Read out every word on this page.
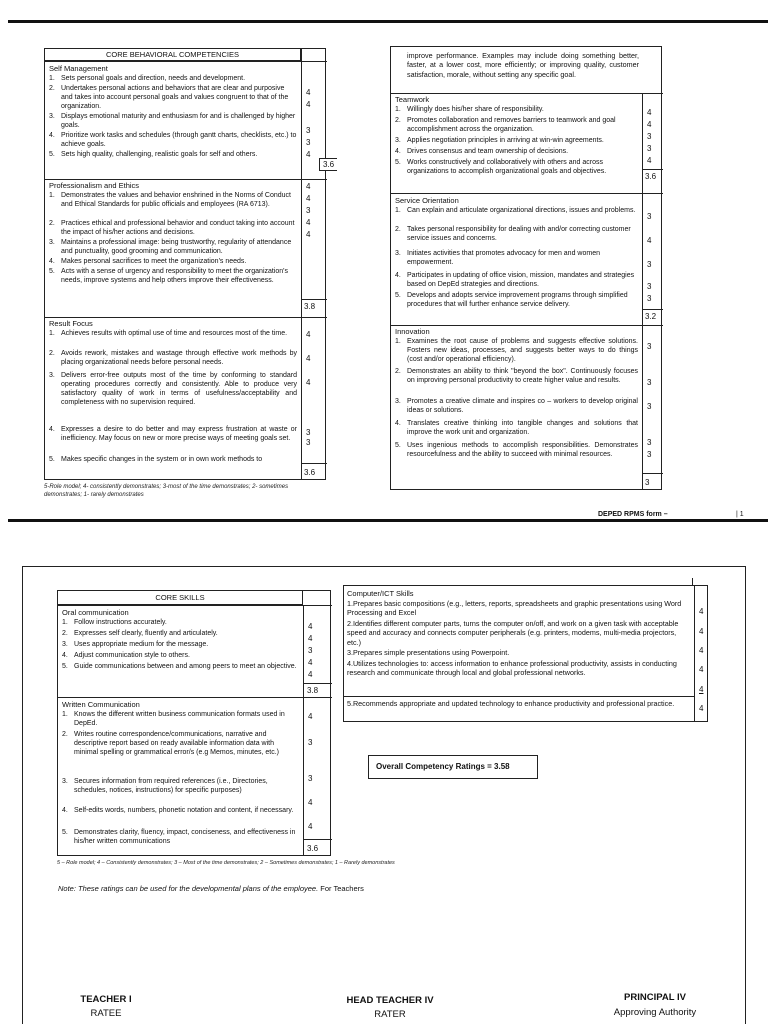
CORE BEHAVIORAL COMPETENCIES
Self Management
1. Sets personal goals and direction, needs and development.
2. Undertakes personal actions and behaviors that are clear and purposive and takes into account personal goals and values congruent to that of the organization.
3. Displays emotional maturity and enthusiasm for and is challenged by higher goals.
4. Prioritize work tasks and schedules (through gantt charts, checklists, etc.) to achieve goals.
5. Sets high quality, challenging, realistic goals for self and others.
4
4
3
3
4
3.6
Professionalism and Ethics
1. Demonstrates the values and behavior enshrined in the Norms of Conduct and Ethical Standards for public officials and employees (RA 6713).
2. Practices ethical and professional behavior and conduct taking into account the impact of his/her actions and decisions.
3. Maintains a professional image: being trustworthy, regularity of attendance and punctuality, good grooming and communication.
4. Makes personal sacrifices to meet the organization's needs.
5. Acts with a sense of urgency and responsibility to meet the organization's needs, improve systems and help others improve their effectiveness.
4
4
3
4
4
3.8
Result Focus
1. Achieves results with optimal use of time and resources most of the time.
2. Avoids rework, mistakes and wastage through effective work methods by placing organizational needs before personal needs.
3. Delivers error-free outputs most of the time by conforming to standard operating procedures correctly and consistently. Able to produce very satisfactory quality of work in terms of usefulness/acceptability and completeness with no supervision required.
4. Expresses a desire to do better and may express frustration at waste or inefficiency. May focus on new or more precise ways of meeting goals set.
5. Makes specific changes in the system or in own work methods to
4
4
4
3
3
3.6
5-Role model; 4- consistently demonstrates; 3-most of the time demonstrates; 2- sometimes demonstrates; 1- rarely demonstrates
improve performance. Examples may include doing something better, faster, at a lower cost, more efficiently; or improving quality, customer satisfaction, morale, without setting any specific goal.
Teamwork
1. Willingly does his/her share of responsibility.
2. Promotes collaboration and removes barriers to teamwork and goal accomplishment across the organization.
3. Applies negotiation principles in arriving at win-win agreements.
4. Drives consensus and team ownership of decisions.
5. Works constructively and collaboratively with others and across organizations to accomplish organizational goals and objectives.
4
4
3
3
4
3.6
Service Orientation
1. Can explain and articulate organizational directions, issues and problems.
2. Takes personal responsibility for dealing with and/or correcting customer service issues and concerns.
3. Initiates activities that promotes advocacy for men and women empowerment.
4. Participates in updating of office vision, mission, mandates and strategies based on DepEd strategies and directions.
5. Develops and adopts service improvement programs through simplified procedures that will further enhance service delivery.
3
4
3
3
3
3.2
Innovation
1. Examines the root cause of problems and suggests effective solutions. Fosters new ideas, processes, and suggests better ways to do things (cost and/or operational efficiency).
2. Demonstrates an ability to think "beyond the box". Continuously focuses on improving personal productivity to create higher value and results.
3. Promotes a creative climate and inspires co – workers to develop original ideas or solutions.
4. Translates creative thinking into tangible changes and solutions that improve the work unit and organization.
5. Uses ingenious methods to accomplish responsibilities. Demonstrates resourcefulness and the ability to succeed with minimal resources.
3
3
3
3
3
3
DEPED RPMS form –	| 1
CORE SKILLS
Oral communication
1. Follow instructions accurately.
2. Expresses self clearly, fluently and articulately.
3. Uses appropriate medium for the message.
4. Adjust communication style to others.
5. Guide communications between and among peers to meet an objective.
4
4
3
4
4
3.8
Written Communication
1. Knows the different written business communication formats used in DepEd.
2. Writes routine correspondence/communications, narrative and descriptive report based on ready available information data with minimal spelling or grammatical error/s (e.g Memos, minutes, etc.)
3. Secures information from required references (i.e., Directories, schedules, notices, instructions) for specific purposes)
4. Self-edits words, numbers, phonetic notation and content, if necessary.
5. Demonstrates clarity, fluency, impact, conciseness, and effectiveness in his/her written communications
4
3
3
4
4
3.6
5 – Role model; 4 – Consistently demonstrates; 3 – Most of the time demonstrates; 2 – Sometimes demonstrates; 1 – Rarely demonstrates
Computer/ICT Skills
1.Prepares basic compositions (e.g., letters, reports, spreadsheets and graphic presentations using Word Processing and Excel
2.Identifies different computer parts, turns the computer on/off, and work on a given task with acceptable speed and accuracy and connects computer peripherals (e.g. printers, modems, multi-media projectors, etc.)
3.Prepares simple presentations using Powerpoint.
4.Utilizes technologies to: access information to enhance professional productivity, assists in conducting research and communicate through local and global professional networks.
5.Recommends appropriate and updated technology to enhance productivity and professional practice.
4
4
4
4
4
4
Overall Competency Ratings = 3.58
Note: These ratings can be used for the developmental plans of the employee. For Teachers
TEACHER I
RATEE
HEAD TEACHER IV
RATER
PRINCIPAL IV
Approving Authority
